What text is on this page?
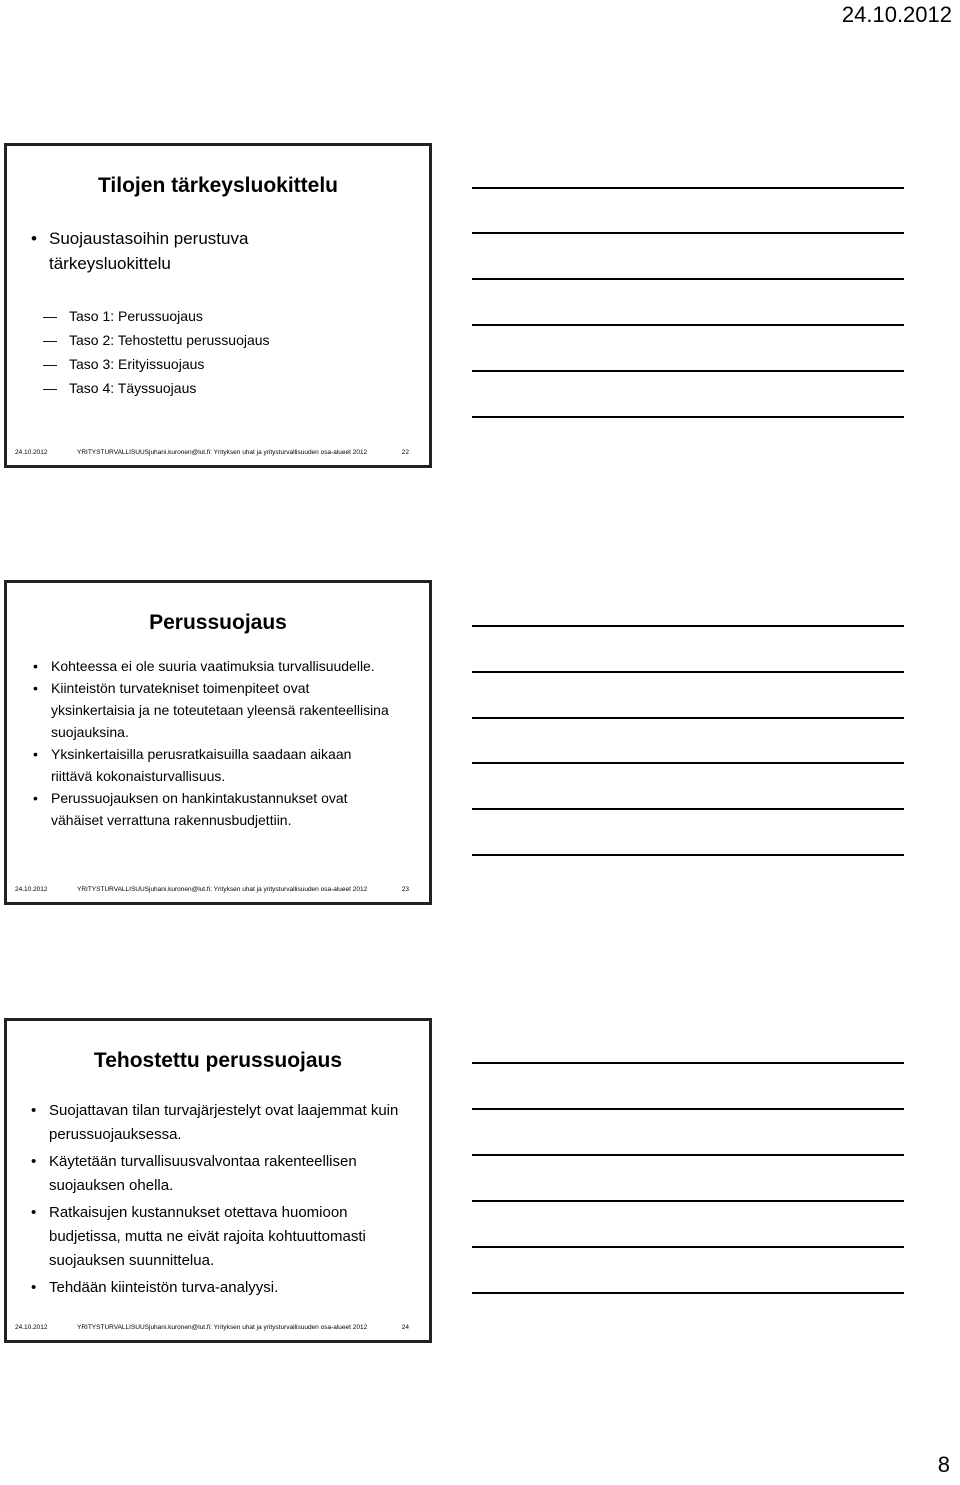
24.10.2012
Tilojen tärkeysluokittelu
• Suojaustasoihin perustuva tärkeysluokittelu
— Taso 1: Perussuojaus
— Taso 2: Tehostettu perussuojaus
— Taso 3: Erityissuojaus
— Taso 4: Täyssuojaus
24.10.2012	YRITYSTURVALLISUUSjuhani.kuronen@lut.fi: Yrityksen uhat ja yritysturvallisuuden osa-alueet 2012	22
Perussuojaus
• Kohteessa ei ole suuria vaatimuksia turvallisuudelle.
• Kiinteistön turvatekniset toimenpiteet ovat yksinkertaisia ja ne toteutetaan yleensä rakenteellisina suojauksina.
• Yksinkertaisilla perusratkaisuilla saadaan aikaan riittävä kokonaisturvallisuus.
• Perussuojauksen on hankintakustannukset ovat vähäiset verrattuna rakennusbudjettiin.
24.10.2012	YRITYSTURVALLISUUSjuhani.kuronen@lut.fi: Yrityksen uhat ja yritysturvallisuuden osa-alueet 2012	23
Tehostettu perussuojaus
• Suojattavan tilan turvajärjestelyt ovat laajemmat kuin perussuojauksessa.
• Käytetään turvallisuusvalvontaa rakenteellisen suojauksen ohella.
• Ratkaisujen kustannukset otettava huomioon budjetissa, mutta ne eivät rajoita kohtuuttomasti suojauksen suunnittelua.
• Tehdään kiinteistön turva-analyysi.
24.10.2012	YRITYSTURVALLISUUSjuhani.kuronen@lut.fi: Yrityksen uhat ja yritysturvallisuuden osa-alueet 2012	24
8
